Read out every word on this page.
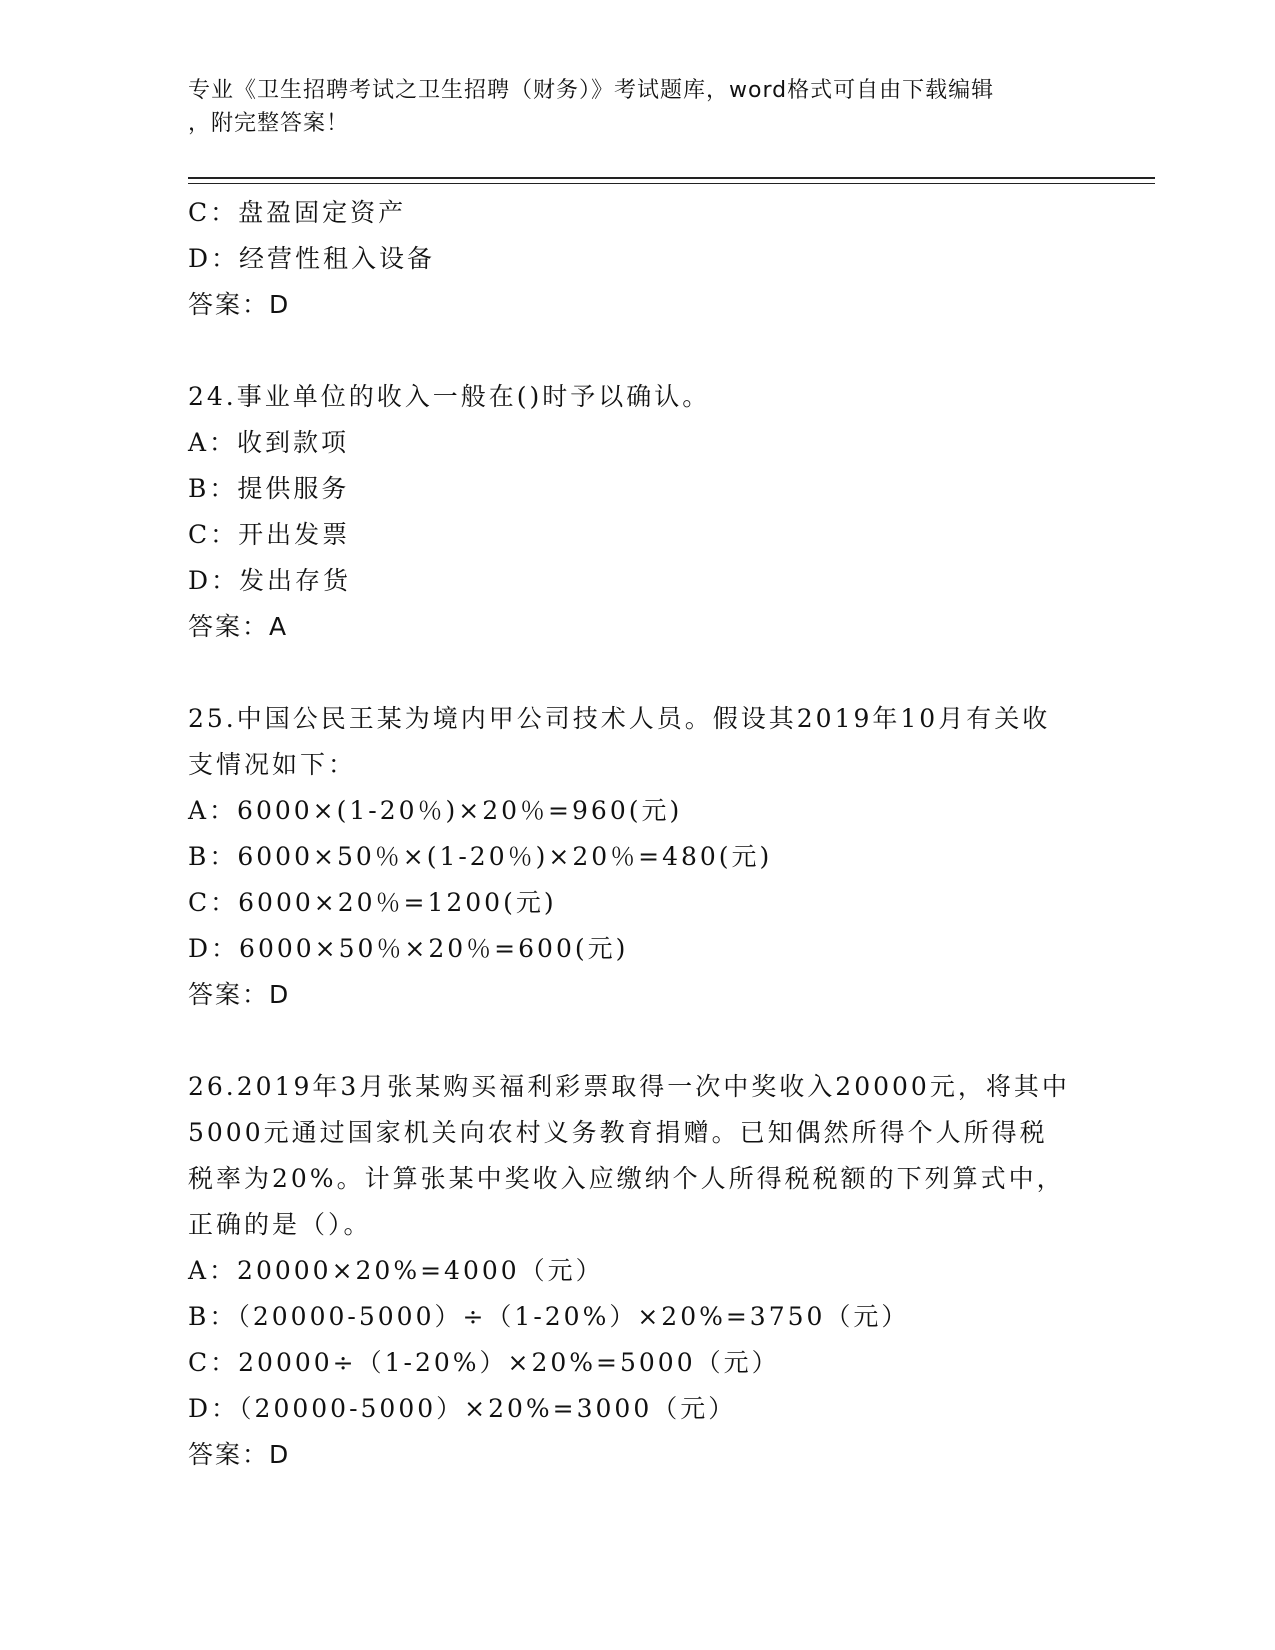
专业《卫生招聘考试之卫生招聘（财务）》考试题库，word格式可自由下载编辑
，附完整答案！
C：盘盈固定资产
D：经营性租入设备
答案：D
24.事业单位的收入一般在()时予以确认。
A：收到款项
B：提供服务
C：开出发票
D：发出存货
答案：A
25.中国公民王某为境内甲公司技术人员。假设其2019年10月有关收
支情况如下：
A：6000×(1-20％)×20％=960(元)
B：6000×50％×(1-20％)×20％=480(元)
C：6000×20％=1200(元)
D：6000×50％×20％=600(元)
答案：D
26.2019年3月张某购买福利彩票取得一次中奖收入20000元，将其中
5000元通过国家机关向农村义务教育捐赠。已知偶然所得个人所得税
税率为20%。计算张某中奖收入应缴纳个人所得税税额的下列算式中，
正确的是（）。
A：20000×20%=4000（元）
B：（20000-5000）÷（1-20%）×20%=3750（元）
C：20000÷（1-20%）×20%=5000（元）
D：（20000-5000）×20%=3000（元）
答案：D
